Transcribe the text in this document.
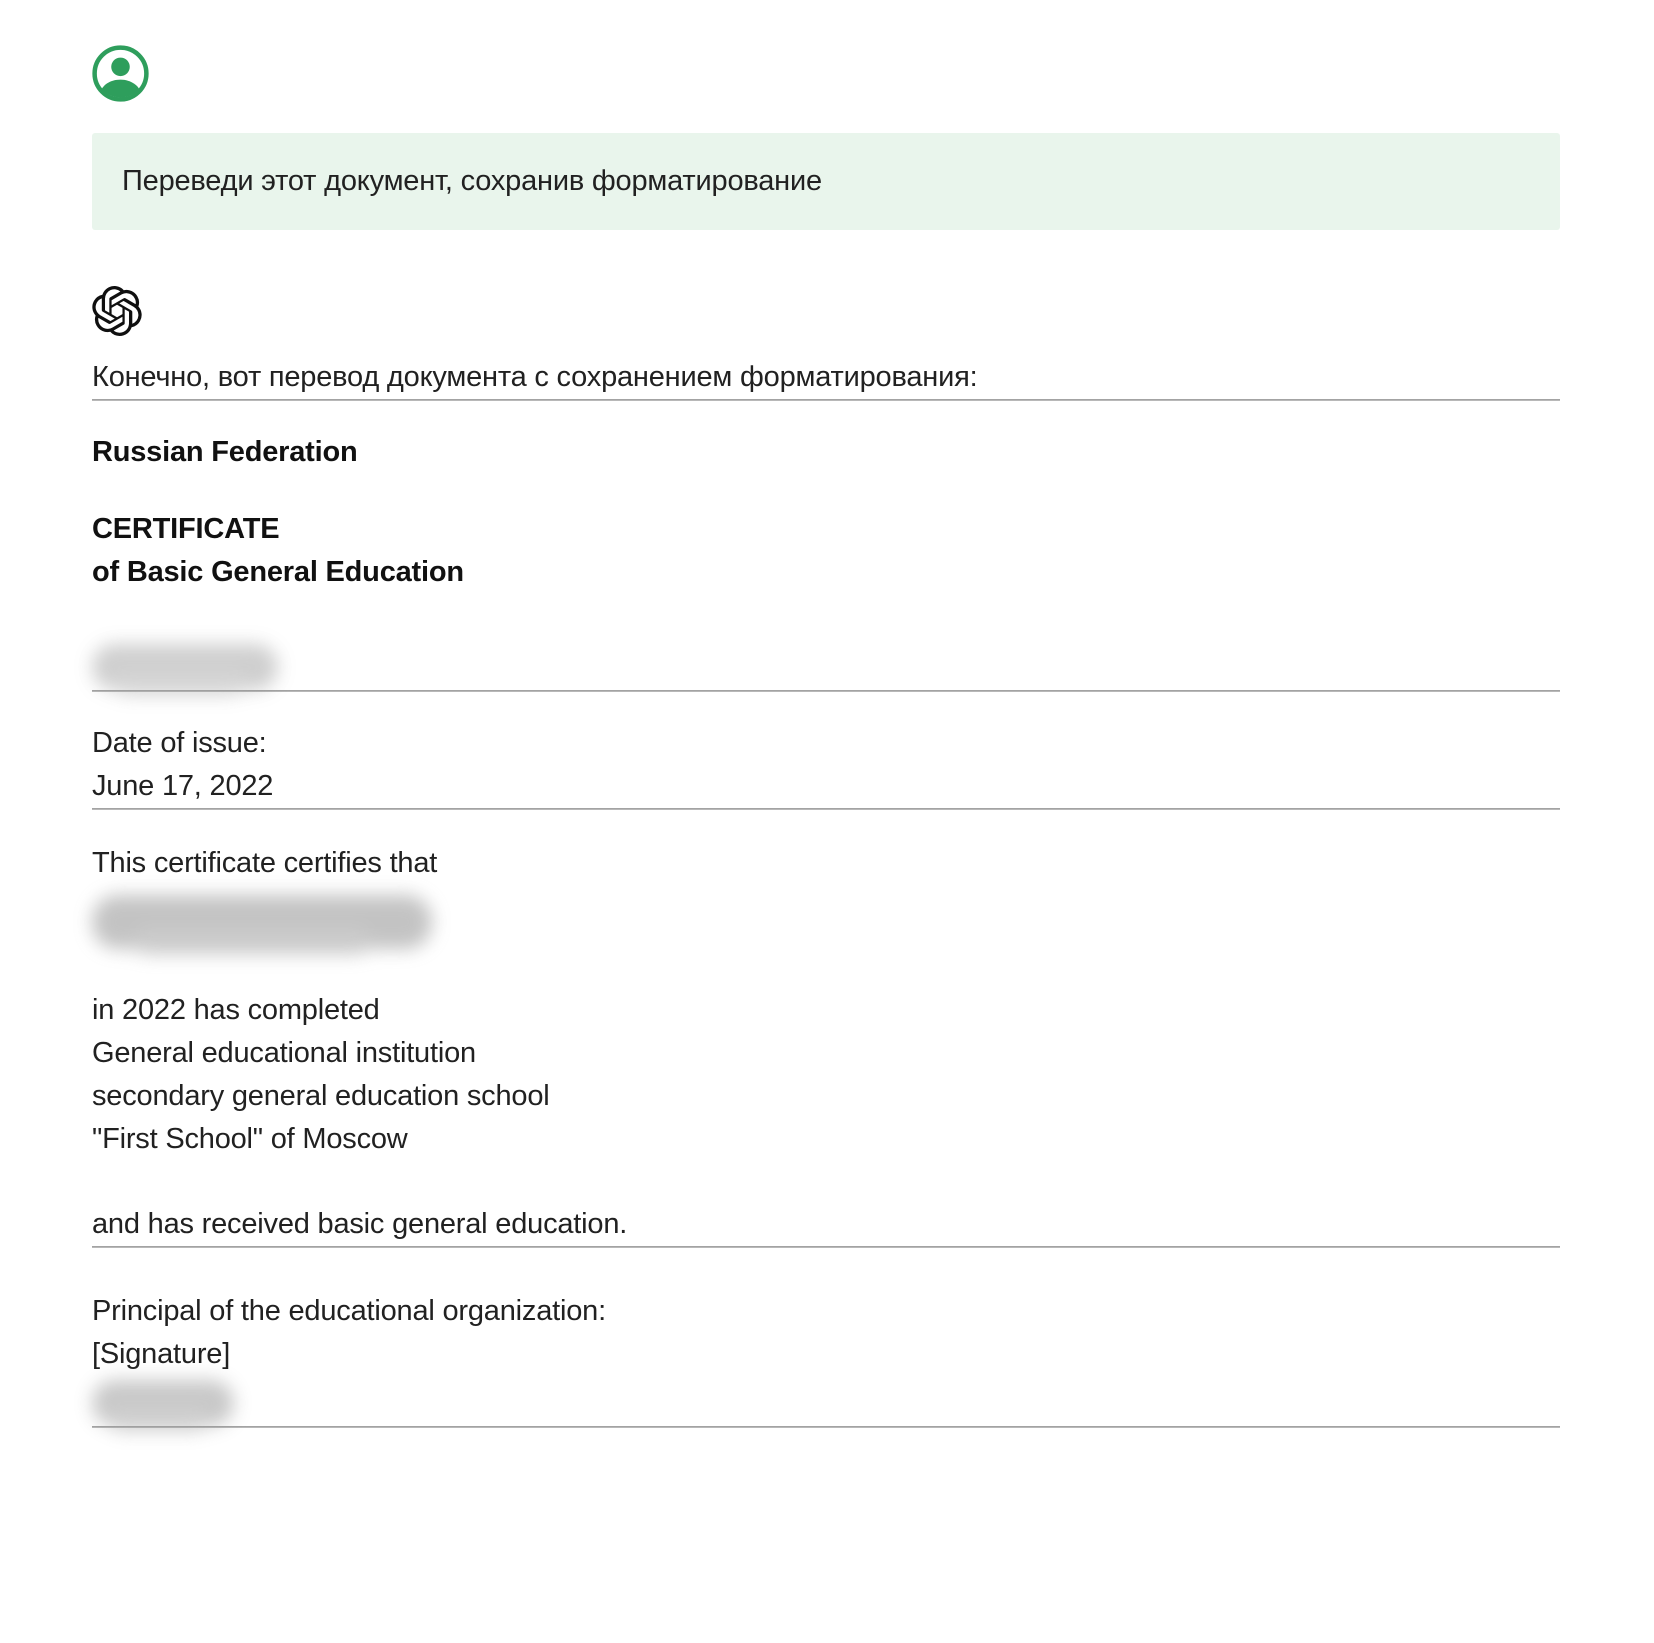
Переведи этот документ, сохранив форматирование

Конечно, вот перевод документа с сохранением форматирования:

Russian Federation

CERTIFICATE
of Basic General Education
Date of issue:
June 17, 2022

This certificate certifies that

in 2022 has completed
General educational institution
secondary general education school
"First School" of Moscow

and has received basic general education.

Principal of the educational organization:
[Signature]
